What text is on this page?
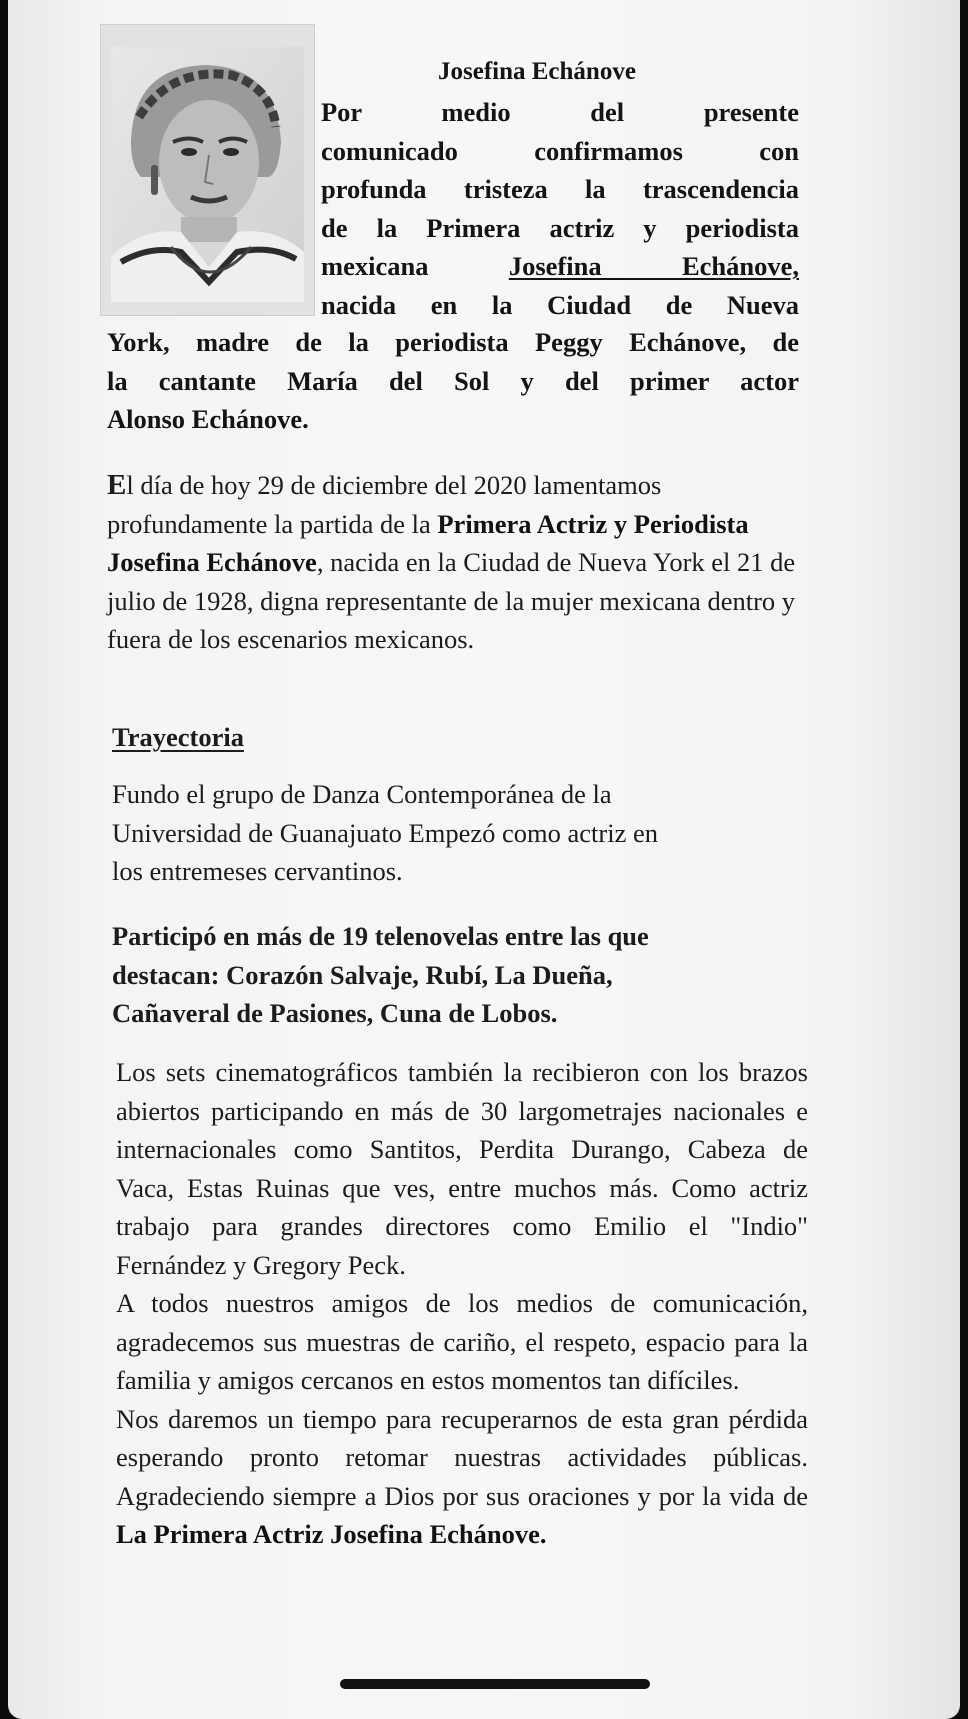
Josefina Echánove
Por medio del presente
comunicado confirmamos con
profunda tristeza la trascendencia
de la Primera actriz y periodista
mexicana	Josefina Echánove,
nacida en la Ciudad de Nueva
York, madre de la periodista Peggy Echánove, de
la cantante María del Sol y del primer actor
Alonso Echánove.
El día de hoy 29 de diciembre del 2020 lamentamos profundamente la partida de la Primera Actriz y Periodista Josefina Echánove, nacida en la Ciudad de Nueva York el 21 de julio de 1928, digna representante de la mujer mexicana dentro y fuera de los escenarios mexicanos.
Trayectoria
Fundo el grupo de Danza Contemporánea de la
Universidad de Guanajuato Empezó como actriz en
los entremeses cervantinos.
Participó en más de 19 telenovelas entre las que
destacan: Corazón Salvaje, Rubí, La Dueña,
Cañaveral de Pasiones, Cuna de Lobos.
Los sets cinematográficos también la recibieron con los brazos abiertos participando en más de 30 largometrajes nacionales e internacionales como Santitos, Perdita Durango, Cabeza de Vaca, Estas Ruinas que ves, entre muchos más. Como actriz trabajo para grandes directores como Emilio el "Indio" Fernández y Gregory Peck.
A todos nuestros amigos de los medios de comunicación, agradecemos sus muestras de cariño, el respeto, espacio para la familia y amigos cercanos en estos momentos tan difíciles.
Nos daremos un tiempo para recuperarnos de esta gran pérdida esperando pronto retomar nuestras actividades públicas. Agradeciendo siempre a Dios por sus oraciones y por la vida de La Primera Actriz Josefina Echánove.
